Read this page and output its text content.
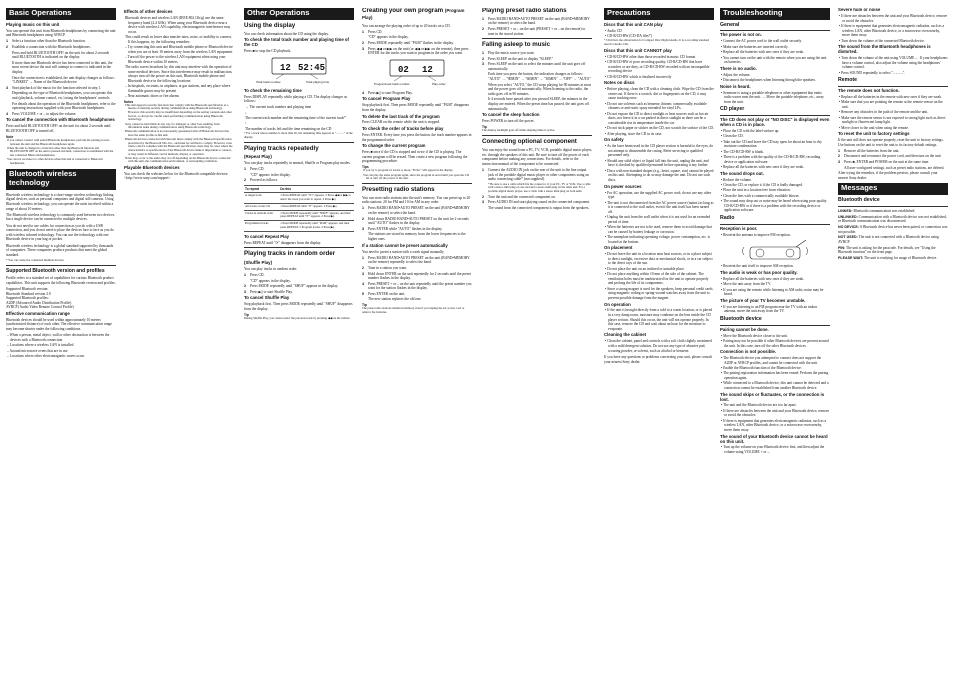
Basic Operations
Playing music on this unit
You can operate this unit from Bluetooth headphones by connecting the unit and Bluetooth headphones using AVRCP.
1	Select a function other than the Bluetooth function.
2	Establish a connection with the Bluetooth headphones.
Press and hold BLUETOOTH OFF/ on the unit for about 2 seconds until BLUETOOTH is indicated on the display.
If more than one Bluetooth device has been connected to this unit, the most recent device the unit will attempt to connect is indicated in the display.
Once the connection is established, the unit display changes as follows: "LINKED" → Name of the Bluetooth device
3	Start playback of the music for the function selected in step 1.
Depending on the type of Bluetooth headphones, you can operate this unit (playback, volume control, etc.) using the headphones' controls.
For details about the operation of the Bluetooth headphones, refer to the operating instructions supplied with your Bluetooth headphones.
4	Press VOLUME + or – to adjust the volume.
To cancel the connection with Bluetooth headphones
Press and hold BLUETOOTH OFF/ on the unit for about 2 seconds until BLUETOOTH OFF is turned off.
Note
If you cannot connect with paired Bluetooth headphones, perform the pairing process between the unit and the Bluetooth headphones again.
When the unit is changed to a function other than the Bluetooth function and BLUETOOTH OFF on the unit is pressed and held, connection is established with the last connected Bluetooth headphones.
You can not reconnect to other devices when this unit is connected to Bluetooth headphones.
Bluetooth wireless technology
Bluetooth wireless technology is a short-range wireless technology linking digital devices, such as personal computers and digital still cameras. Using Bluetooth wireless technology, you can operate the units involved within a range of about 10 meters.
The Bluetooth wireless technology is commonly used between two devices, but a single device can be connected to multiple devices.
You do not need to use cables for connection as you do with a USB connection, and you do not need to place the devices face to face as you do with wireless infrared technology. You can use the technology with one Bluetooth device in your bag or pocket.
Bluetooth wireless technology is a global standard supported by thousands of companies. These companies produce products that meet the global standard.
* You can cannot be connected multiple devices.
Supported Bluetooth version and profiles
Profile refers to a standard set of capabilities for various Bluetooth product capabilities. This unit supports the following Bluetooth version and profiles.
Supported Bluetooth version:
Bluetooth Standard version 2.0
Supported Bluetooth profiles:
A2DP (Advanced Audio Distribution Profile)
AVRCP (Audio Video Remote Control Profile)
Effective communication range
Bluetooth devices should be used within approximately 10 meters (unobstructed distance) of each other. The effective communication range may become shorter under the following conditions.
– When a person, metal object, wall or other obstruction is between the devices with a Bluetooth connection
– Locations where a wireless LAN is installed
– Around microwave ovens that are in use
– Locations where other electromagnetic waves occur
Effects of other devices
Bluetooth devices and wireless LAN (IEEE 802.11b/g) use the same frequency band (2.4 GHz). When using your Bluetooth device near a device with wireless LAN capability, electromagnetic interference may occur.
This could result in lower data transfer rates, noise, or inability to connect. If this happens, try the following remedies:
– Try connecting this unit and Bluetooth mobile phone or Bluetooth device when you are at least 10 meters away from the wireless LAN equipment.
– Turn off the power to the wireless LAN equipment when using your Bluetooth device within 10 meters.
The radio waves broadcast by this unit may interfere with the operation of some medical devices. Since this interference may result in malfunction, always turn off the power on this unit, Bluetooth mobile phone and Bluetooth device in the following locations:
– In hospitals, on trains, in airplanes, at gas stations, and any place where flammable gasses may be present
– Near automatic doors or fire alarms
Notes
This unit supports security functions that comply with the Bluetooth specification as a means of ensuring security during communication using Bluetooth technology. However, this security may be insufficient depending on the setting contents and other factors, so always be careful when performing communication using Bluetooth technology.
Sony cannot be held liable in any way for damages or other loss resulting from information leaks during communication using Bluetooth technology.
Bluetooth communication is not necessarily guaranteed with all Bluetooth devices that have the same profile as this unit.
Bluetooth devices connected with this unit must comply with the Bluetooth specification prescribed by the Bluetooth SIG, Inc., and must be certified to comply. However, even when a device complies with the Bluetooth specification, there may be cases where the characteristics or specifications of the Bluetooth device make it impossible to connect, or may result in different control methods, display or operation.
Noise may occur or the audio may cut off depending on the Bluetooth device connected with this unit, the communication environment, or surrounding conditions.
Playable Bluetooth devices
You can check the websites below for the Bluetooth compatible devices: <http://www.sony.com/support>
Other Operations
Using the display
You can check information about the CD using the display.
To check the total track number and playing time of the CD
Press ■ to stop the CD playback.
12 52:45
Total track number	Total playing time
To check the remaining time
Press DISPLAY repeatedly while playing a CD. The display changes as follows:
→ The current track number and playing time
↓
The current track number and the remaining time of the current track*
↓
The number of tracks left and the time remaining on the CD
* For a track whose number is more than 20, the remaining time appears as "- - : - -" in the display.
Playing tracks repeatedly
(Repeat Play)
You can play tracks repeatedly in normal, Shuffle or Program play modes.
1	Press CD.
"CD" appears in the display.
2	Proceed as follows.
To repeat	Do this
A single track	1 Press REPEAT until "⟳1" appears. 2 Press ◀◀ or ▶▶ to select the track you want to repeat. 3 Press ▶||.
All tracks on the CD	1 Press REPEAT until "⟳" appears. 2 Press ▶||.
Tracks in random order	1 Press MODE repeatedly until "SHUF" appears, and then press REPEAT until "⟳" appears. 2 Press ▶||.
Programmed tracks	1 Press MODE repeatedly until "PGM" appears, and then press REPEAT. 2 Program tracks. 3 Press ▶||.
To cancel Repeat Play
Press REPEAT until "⟳" disappears from the display.
Playing tracks in random order
(Shuffle Play)
You can play tracks in random order.
1	Press CD.
"CD" appears in the display.
2	Press MODE repeatedly until "SHUF" appears in the display.
3	Press ▶|| to start Shuffle Play.
To cancel Shuffle Play
Stop playback first. Then press MODE repeatedly until "SHUF" disappears from the display.
Tip
During Shuffle Play, you cannot select the previous track by pressing ◀◀ on the remote.
Creating your own program (Program Play)
You can arrange the playing order of up to 20 tracks on a CD.
1	Press CD.
"CD" appears in the display.
2	Press MODE repeatedly until "PGM" flashes in the display.
3	Press ◀◀ or ▶▶ on the unit (or ◀◀ or ▶▶ on the remote), then press ENTER for the tracks you want to program in the order you want.
02 12
Programmed track number	Play order
4	Press ▶|| to start Program Play.
To cancel Program Play
Stop playback first. Then press MODE repeatedly until "PGM" disappears from the display.
To delete the last track of the program
Press CLEAR on the remote while the unit is stopped.
To check the order of tracks before play
Press ENTER. Every time you press the button, the track number appears in the programmed order.
To change the current program
Press ■ once if the CD is stopped and twice if the CD is playing. The current program will be erased. Then create a new program following the programming procedure.
Tips
If you try to program 21 tracks or more, "FULL" will appear in the display.
You can play the same program again, since the program is saved until you open the CD lid or turn off the power of the unit.
Presetting radio stations
You can store radio stations into the unit's memory. You can preset up to 20 radio stations: 20 for FM and 10 for AM in any order.
1	Press RADIO BAND•AUTO PRESET on the unit (BAND•MEMORY on the remote) to select the band.
2	Hold down RADIO BAND•AUTO PRESET on the unit for 2 seconds until "AUTO" flashes in the display.
3	Press ENTER while "AUTO" flashes in the display.
The stations are stored in memory from the lower frequencies to the higher ones.
If a station cannot be preset automatically
You need to preset a station with a weak signal manually.
1	Press RADIO BAND•AUTO PRESET on the unit (BAND•MEMORY on the remote) repeatedly to select the band.
2	Tune in a station you want.
3	Hold down ENTER on the unit repeatedly for 2 seconds until the preset number flashes in the display.
4	Press PRESET + or – on the unit repeatedly until the preset number you want for the station flashes in the display.
5	Press ENTER on the unit.
The new station replaces the old one.
Tip
The preset radio stations remain in memory even if you unplug the AC power cord or remove the batteries.
Playing preset radio stations
1	Press RADIO BAND•AUTO PRESET on the unit (BAND•MEMORY on the remote) to select the band.
2	Press PRESET + or – on the unit (PRESET + or – on the remote) to tune in the stored station.
Falling asleep to music
1	Play the music source you want.
2	Press SLEEP on the unit to display "SLEEP."
3	Press SLEEP on the unit to select the minutes until the unit goes off automatically.
Each time you press the button, the indication changes as follows: "AUTO" → "90MIN" → "60MIN" → "30MIN" → "OFF" → "AUTO"
When you select "AUTO," the CD stops playing for 90 minutes at most and the power goes off automatically. When listening to the radio, the radio goes off in 90 minutes.
It 4 seconds have passed after you pressed SLEEP, the minutes in the display are entered. When the preset time has passed, the unit goes off automatically.
To cancel the sleep function
Press POWER to turn off the power.
Tip
The display backlight goes off while sleeping timer is active.
Connecting optional component
You can enjoy the sound from a PC, TV, VCR, portable digital music player, etc. through the speakers of this unit. Be sure to turn off the power of each component before making any connections. For details, refer to the instruction manual of the component to be connected.
1	Connect the AUDIO IN jack on the rear of the unit to the line output jack of the portable digital music player or other components using an audio connecting cable* (not supplied).
* Be sure to use a cable which fits the connector of your PC, TV or VCR. Use a cable with a stereo mini plug on one end and a stereo mini plug on the other end. For a portable digital music player, use a cable with a stereo mini plug on both ends.
2	Turn the unit and the connected component on.
3	Press AUDIO IN and start playing sound on the connected component.
The sound from the connected component is output from the speakers.
Precautions
Discs that this unit CAN play
• Audio CD
• CD-R/CD-RW (CD-DA files*)
* CD-DA is the abbreviation for Compact Disc Digital Audio. It is a recording standard used for Audio CDs.
Discs that this unit CANNOT play
• CD-R/CD-RW other than those recorded in music CD format
• CD-R/CD-RW of poor recording quality, CD-R/CD-RW that have scratches or are dirty, or CD-R/CD-RW recorded with an incompatible recording device
• CD-R/CD-RW which is finalized incorrectly
Notes on discs
• Before playing, clean the CD with a cleaning cloth. Wipe the CD from the center out. If there is a scratch, dirt or fingerprints on the CD, it may cause tracking error.
• Do not use solvents such as benzene, thinner, commercially available cleaners or anti-static spray intended for vinyl LPs.
• Do not expose the CD to direct sunlight or heat sources such as hot air ducts, nor leave it in a car parked in direct sunlight as there can be a considerable rise in temperature inside the car.
• Do not stick paper or sticker on the CD, nor scratch the surface of the CD.
• After playing, store the CD in its case.
On safety
• As the laser beam used in the CD player section is harmful to the eyes, do not attempt to disassemble the casing. Refer servicing to qualified personnel only.
• Should any solid object or liquid fall into the unit, unplug the unit, and have it checked by qualified personnel before operating it any further.
• Discs with non-standard shapes (e.g., heart, square, star) cannot be played on this unit. Attempting to do so may damage the unit. Do not use such discs.
On power sources
• For AC operation, use the supplied AC power cord; do not use any other type.
• The unit is not disconnected from the AC power source (mains) as long as it is connected to the wall outlet, even if the unit itself has been turned off.
• Unplug the unit from the wall outlet when it is not used for an extended period of time.
• When the batteries are not to be used, remove them to avoid damage that can be caused by battery leakage or corrosion.
• The nameplate indicating operating voltage, power consumption, etc. is located at the bottom.
On placement
• Do not leave the unit in a location near heat sources, or in a place subject to direct sunlight, excessive dust or mechanical shock, or in a car subject to the direct rays of the sun.
• Do not place the unit on an inclined or unstable place.
• Do not place anything within 10 mm of the side of the cabinet. The ventilation holes must be unobstructed for the unit to operate properly and prolong the life of its components.
• Since a strong magnet is used for the speakers, keep personal credit cards using magnetic coding or spring-wound watches away from the unit to prevent possible damage from the magnet.
On operation
• If the unit is brought directly from a cold to a warm location, or is placed in a very damp room, moisture may condense on the lens inside the CD player section. Should this occur, the unit will not operate properly. In this case, remove the CD and wait about an hour for the moisture to evaporate.
Cleaning the cabinet
• Clean the cabinet, panel and controls with a soft cloth slightly moistened with a mild detergent solution. Do not use any type of abrasive pad, scouring powder, or solvent, such as alcohol or benzene.
If you have any questions or problems concerning your unit, please consult your nearest Sony dealer.
Troubleshooting
General
The power is not on.
• Connect the AC power cord to the wall outlet securely.
• Make sure the batteries are inserted correctly.
• Replace all the batteries with new ones if they are weak.
• You cannot turn on the unit with the remote when you are using the unit on batteries.
There is no audio.
• Adjust the volume.
• Disconnect the headphones when listening through the speakers.
Noise is heard.
• Someone is using a portable telephone or other equipment that emits radio waves near the unit. → Move the portable telephone, etc., away from the unit.
CD player
The CD does not play or "NO DISC" is displayed even when a CD is in place.
• Place the CD with the label surface up.
• Clean the CD.
• Take out the CD and leave the CD tray open for about an hour to dry moisture condensation.
• The CD-R/CD-RW is blank.
• There is a problem with the quality of the CD-R/CD-RW, recording device or application software.
• Replace all the batteries with new ones if they are weak.
The sound drops out.
• Reduce the volume.
• Clean the CD, or replace it if the CD is badly damaged.
• Place the unit in a location free from vibration.
• Clean the lens with a commercially available blower.
• The sound may drop out or noise may be heard when using poor quality CD-R/CD-RW or if there is a problem with the recording device or application software.
Radio
Reception is poor.
• Reorient the antenna to improve FM reception.
• Reorient the unit itself to improve AM reception.
The audio is weak or has poor quality.
• Replace all the batteries with new ones if they are weak.
• Move the unit away from the TV.
• If you are using the remote while listening to AM radio, noise may be heard.
The picture of your TV becomes unstable.
• If you are listening to an FM program near the TV with an indoor antenna, move the unit away from the TV.
Bluetooth device
Pairing cannot be done.
• Move the Bluetooth device closer to the unit.
• Pairing may not be possible if other Bluetooth devices are present around the unit. In this case, turn off the other Bluetooth devices.
Connection is not possible.
• The Bluetooth device you attempted to connect does not support the A2DP or AVRCP profiles, and cannot be connected with the unit.
• Enable the Bluetooth function of the Bluetooth device.
• The pairing registration information has been erased. Perform the pairing operation again.
• While connected to a Bluetooth device, this unit cannot be detected and a connection cannot be established from another Bluetooth device.
The sound skips or fluctuates, or the connection is lost.
• The unit and the Bluetooth device are too far apart.
• If there are obstacles between the unit and your Bluetooth device, remove or avoid the obstacles.
• If there is equipment that generates electromagnetic radiation, such as a wireless LAN, other Bluetooth device, or a microwave oven nearby, move them away.
The sound of your Bluetooth device cannot be heard on this unit.
• Turn up the volume on your Bluetooth device first, and then adjust the volume using VOLUME + or –.
Severe hum or noise
• If there are obstacles between the unit and your Bluetooth device, remove or avoid the obstacles.
• If there is equipment that generates electromagnetic radiation, such as a wireless LAN, other Bluetooth device, or a microwave oven nearby, move them away.
• Turn down the volume of the connected Bluetooth device.
The sound from the Bluetooth headphones is distorted.
• Turn down the volume of the unit using VOLUME – . If your headphones have a volume control, also adjust the volume using the headphones' volume control.
• Press SOUND repeatedly to select "– – – –".
Remote
The remote does not function.
• Replace all the batteries in the remote with new ones if they are weak.
• Make sure that you are pointing the remote at the remote sensor on the unit.
• Remove any obstacles in the path of the remote and the unit.
• Make sure the remote sensor is not exposed to strong light such as direct sunlight or fluorescent lamp light.
• Move closer to the unit when using the remote.
To reset the unit to factory settings
If the unit still does not operate properly, reset the unit to factory settings. Use buttons on the unit to reset the unit to its factory default settings.
1	Remove all the batteries from the unit.
2	Disconnect and reconnect the power cord, and then turn on the unit.
3	Press ■, ENTER and POWER on the unit at the same time.
All user-configured settings, such as preset radio stations, are deleted.
After trying the remedies, if the problem persists, please consult your nearest Sony dealer.
Messages
Bluetooth device
LINKED: Bluetooth communication was established.
UNLINKED: Communication with a Bluetooth device was not established, or Bluetooth communication was disconnected.
NO DEVICE: A Bluetooth device has never been paired, or connection was not possible.
NOT USED: The unit is not connected with a Bluetooth device using AVRCP.
PIN: The unit is asking for the passcode. For details, see "Using the Bluetooth function" on the front page.
PLEASE WAIT: The unit is readying for usage of Bluetooth device.
